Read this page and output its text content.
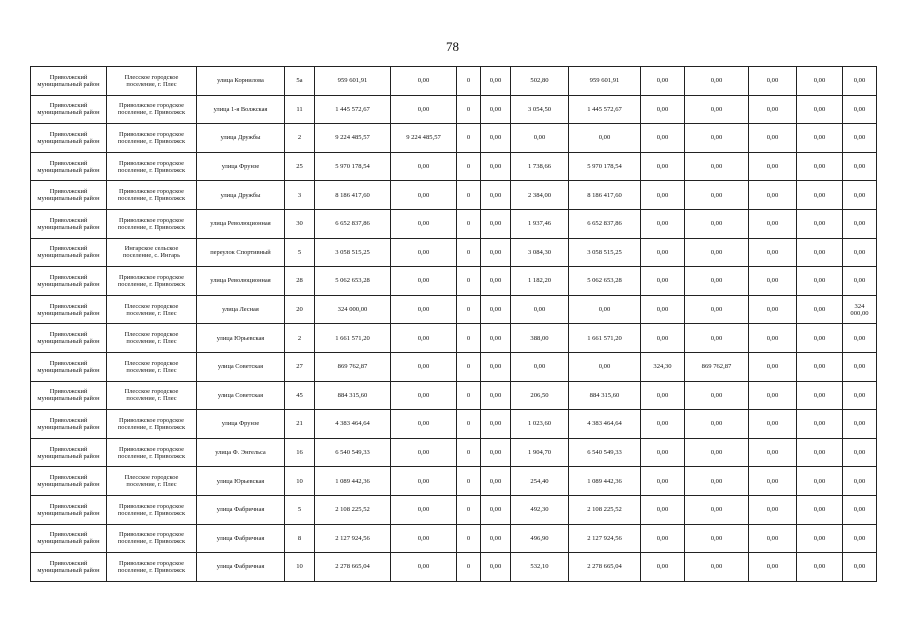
78
Приволжский муниципальный район	Плесское городское поселение, г. Плес	улица Корнилова	5а	959 601,91	0,00	0	0,00	502,80	959 601,91	0,00	0,00	0,00	0,00	0,00
Приволжский муниципальный район	Приволжское городское поселение, г. Приволжск	улица 1-я Волжская	11	1 445 572,67	0,00	0	0,00	3 054,50	1 445 572,67	0,00	0,00	0,00	0,00	0,00
Приволжский муниципальный район	Приволжское городское поселение, г. Приволжск	улица Дружбы	2	9 224 485,57	9 224 485,57	0	0,00	0,00	0,00	0,00	0,00	0,00	0,00	0,00
Приволжский муниципальный район	Приволжское городское поселение, г. Приволжск	улица Фрунзе	25	5 970 178,54	0,00	0	0,00	1 738,66	5 970 178,54	0,00	0,00	0,00	0,00	0,00
Приволжский муниципальный район	Приволжское городское поселение, г. Приволжск	улица Дружбы	3	8 186 417,60	0,00	0	0,00	2 384,00	8 186 417,60	0,00	0,00	0,00	0,00	0,00
Приволжский муниципальный район	Приволжское городское поселение, г. Приволжск	улица Революционная	30	6 652 837,86	0,00	0	0,00	1 937,46	6 652 837,86	0,00	0,00	0,00	0,00	0,00
Приволжский муниципальный район	Ингарское сельское поселение, с. Ингарь	переулок Спортивный	5	3 058 515,25	0,00	0	0,00	3 084,30	3 058 515,25	0,00	0,00	0,00	0,00	0,00
Приволжский муниципальный район	Приволжское городское поселение, г. Приволжск	улица Революционная	28	5 062 653,28	0,00	0	0,00	1 182,20	5 062 653,28	0,00	0,00	0,00	0,00	0,00
Приволжский муниципальный район	Плесское городское поселение, г. Плес	улица Лесная	20	324 000,00	0,00	0	0,00	0,00	0,00	0,00	0,00	0,00	0,00	324 000,00
Приволжский муниципальный район	Плесское городское поселение, г. Плес	улица Юрьевская	2	1 661 571,20	0,00	0	0,00	388,00	1 661 571,20	0,00	0,00	0,00	0,00	0,00
Приволжский муниципальный район	Плесское городское поселение, г. Плес	улица Советская	27	869 762,87	0,00	0	0,00	0,00	0,00	324,30	869 762,87	0,00	0,00	0,00
Приволжский муниципальный район	Плесское городское поселение, г. Плес	улица Советская	45	884 315,60	0,00	0	0,00	206,50	884 315,60	0,00	0,00	0,00	0,00	0,00
Приволжский муниципальный район	Приволжское городское поселение, г. Приволжск	улица Фрунзе	21	4 383 464,64	0,00	0	0,00	1 023,60	4 383 464,64	0,00	0,00	0,00	0,00	0,00
Приволжский муниципальный район	Приволжское городское поселение, г. Приволжск	улица Ф. Энгельса	16	6 540 549,33	0,00	0	0,00	1 904,70	6 540 549,33	0,00	0,00	0,00	0,00	0,00
Приволжский муниципальный район	Плесское городское поселение, г. Плес	улица Юрьевская	10	1 089 442,36	0,00	0	0,00	254,40	1 089 442,36	0,00	0,00	0,00	0,00	0,00
Приволжский муниципальный район	Приволжское городское поселение, г. Приволжск	улица Фабричная	5	2 108 225,52	0,00	0	0,00	492,30	2 108 225,52	0,00	0,00	0,00	0,00	0,00
Приволжский муниципальный район	Приволжское городское поселение, г. Приволжск	улица Фабричная	8	2 127 924,56	0,00	0	0,00	496,90	2 127 924,56	0,00	0,00	0,00	0,00	0,00
Приволжский муниципальный район	Приволжское городское поселение, г. Приволжск	улица Фабричная	10	2 278 665,04	0,00	0	0,00	532,10	2 278 665,04	0,00	0,00	0,00	0,00	0,00
